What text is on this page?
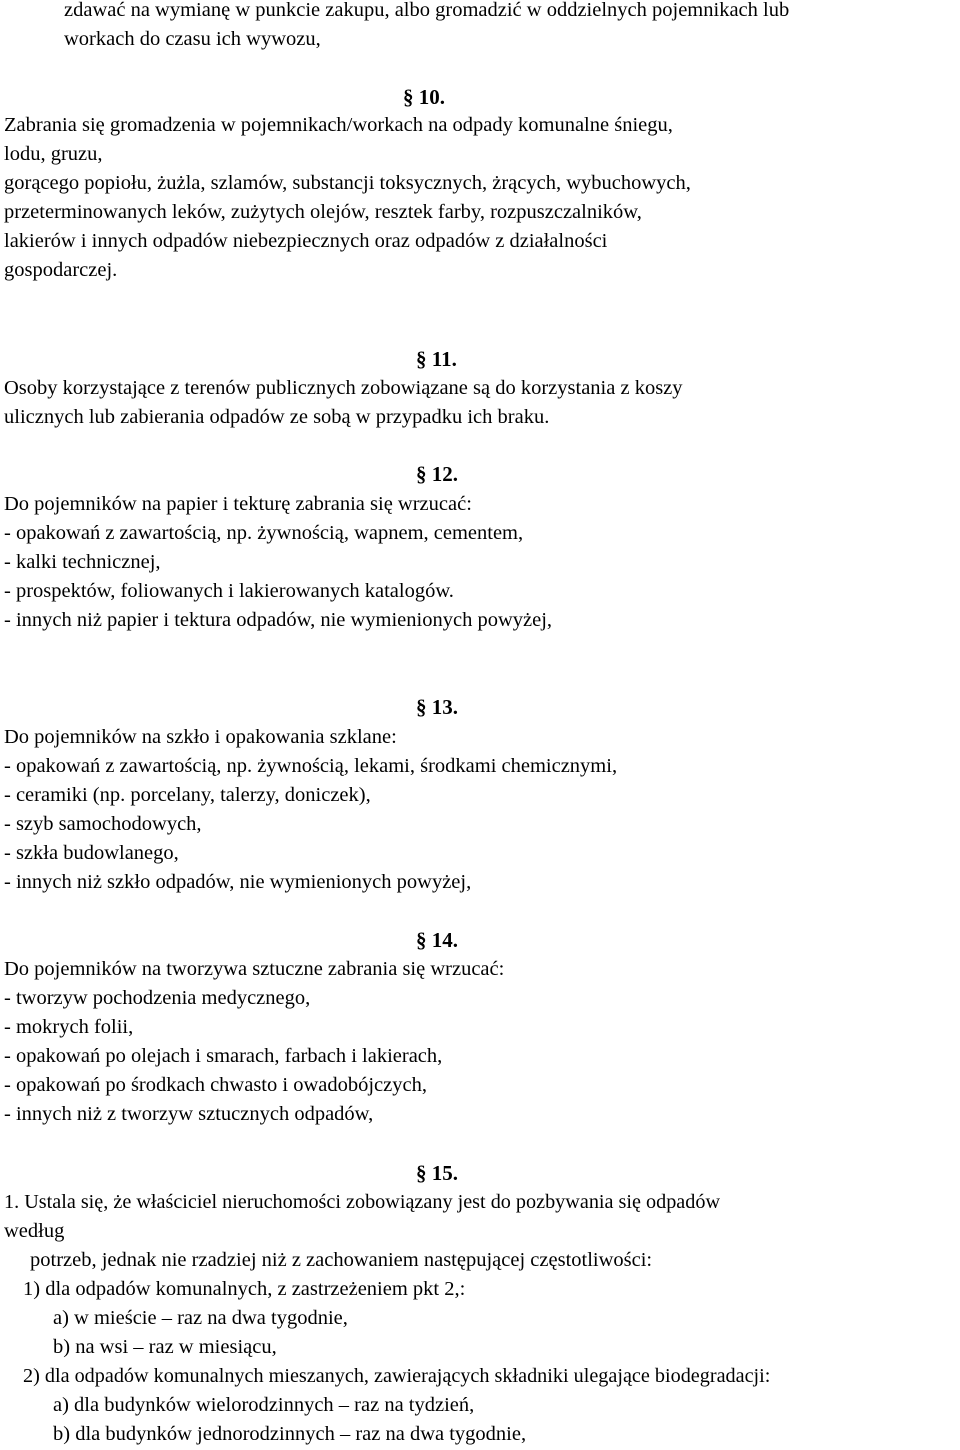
zdawać na wymianę w punkcie zakupu, albo gromadzić w oddzielnych pojemnikach lub
workach do czasu ich wywozu,
§ 10.
Zabrania się gromadzenia w pojemnikach/workach na odpady komunalne śniegu,
lodu, gruzu,
gorącego popiołu, żużla, szlamów, substancji toksycznych, żrących, wybuchowych,
przeterminowanych leków, zużytych olejów, resztek farby, rozpuszczalników,
lakierów i innych odpadów niebezpiecznych oraz odpadów z działalności
gospodarczej.
§ 11.
Osoby korzystające z terenów publicznych zobowiązane są do korzystania z koszy
ulicznych lub zabierania odpadów ze sobą w przypadku ich braku.
§ 12.
Do pojemników na papier i tekturę zabrania się wrzucać:
- opakowań z zawartością, np. żywnością, wapnem, cementem,
- kalki technicznej,
- prospektów, foliowanych i lakierowanych katalogów.
- innych niż papier i tektura odpadów, nie wymienionych powyżej,
§ 13.
Do pojemników na szkło i opakowania szklane:
- opakowań z zawartością, np. żywnością, lekami, środkami chemicznymi,
- ceramiki (np. porcelany, talerzy, doniczek),
- szyb samochodowych,
- szkła budowlanego,
- innych niż szkło odpadów, nie wymienionych powyżej,
§ 14.
Do pojemników na tworzywa sztuczne zabrania się wrzucać:
- tworzyw pochodzenia medycznego,
- mokrych folii,
- opakowań po olejach i smarach, farbach i lakierach,
- opakowań po środkach chwasto i owadobójczych,
- innych niż z tworzyw sztucznych odpadów,
§ 15.
1. Ustala się, że właściciel nieruchomości zobowiązany jest do pozbywania się odpadów
według
potrzeb, jednak nie rzadziej niż z zachowaniem następującej częstotliwości:
1) dla odpadów komunalnych, z zastrzeżeniem pkt 2,:
a) w mieście – raz na dwa tygodnie,
b) na wsi – raz w miesiącu,
2) dla odpadów komunalnych mieszanych, zawierających składniki ulegające biodegradacji:
a) dla budynków wielorodzinnych – raz na tydzień,
b) dla budynków jednorodzinnych – raz na dwa tygodnie,
